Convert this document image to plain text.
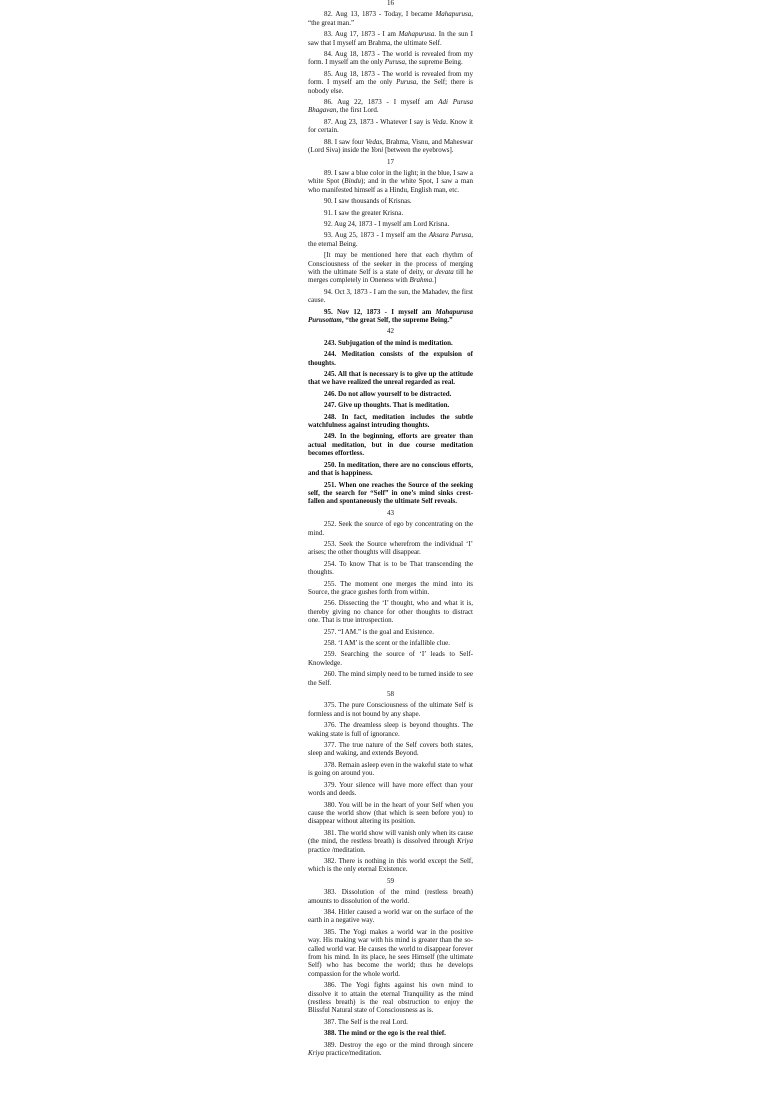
16

82. Aug 13, 1873 - Today, I became Mahapurusa, “the great man.”

83. Aug 17, 1873 - I am Mahapurusa. In the sun I saw that I myself am Brahma, the ultimate Self.

84. Aug 18, 1873 - The world is revealed from my form. I myself am the only Purusa, the supreme Being.

85. Aug 18, 1873 - The world is revealed from my form. I myself am the only Purusa, the Self; there is nobody else.

86. Aug 22, 1873 - I myself am Adi Purusa Bhagavan, the first Lord.

87. Aug 23, 1873 - Whatever I say is Veda. Know it for certain.

88. I saw four Vedas, Brahma, Visnu, and Maheswar (Lord Siva) inside the Yoni [between the eyebrows].

17

89. I saw a blue color in the light; in the blue, I saw a white Spot (Bindu); and in the white Spot, I saw a man who manifested himself as a Hindu, English man, etc.

90. I saw thousands of Krisnas.

91. I saw the greater Krisna.

92. Aug 24, 1873 - I myself am Lord Krisna.

93. Aug 25, 1873 - I myself am the Aksara Purusa, the eternal Being.

[It may be mentioned here that each rhythm of Consciousness of the seeker in the process of merging with the ultimate Self is a state of deity, or devata till he merges completely in Oneness with Brahma.]

94. Oct 3, 1873 - I am the sun, the Mahadev, the first cause.

95. Nov 12, 1873 - I myself am Mahapurusa Purusottam, “the great Self, the supreme Being.”

42

243. Subjugation of the mind is meditation.

244. Meditation consists of the expulsion of thoughts.

245. All that is necessary is to give up the attitude that we have realized the unreal regarded as real.

246. Do not allow yourself to be distracted.

247. Give up thoughts. That is meditation.

248. In fact, meditation includes the subtle watchfulness against intruding thoughts.

249. In the beginning, efforts are greater than actual meditation, but in due course meditation becomes effortless.

250. In meditation, there are no conscious efforts, and that is happiness.

251. When one reaches the Source of the seeking self, the search for “Self” in one’s mind sinks crest-fallen and spontaneously the ultimate Self reveals.

43

252. Seek the source of ego by concentrating on the mind.

253. Seek the Source wherefrom the individual ‘I’ arises; the other thoughts will disappear.

254. To know That is to be That transcending the thoughts.

255. The moment one merges the mind into its Source, the grace gushes forth from within.

256. Dissecting the ‘I’ thought, who and what it is, thereby giving no chance for other thoughts to distract one. That is true introspection.

257. “I AM.” is the goal and Existence.

258. ‘I AM’ is the scent or the infallible clue.

259. Searching the source of ‘I’ leads to Self-Knowledge.

260. The mind simply need to be turned inside to see the Self.

58

375. The pure Consciousness of the ultimate Self is formless and is not bound by any shape.

376. The dreamless sleep is beyond thoughts. The waking state is full of ignorance.

377. The true nature of the Self covers both states, sleep and waking, and extends Beyond.

378. Remain asleep even in the wakeful state to what is going on around you.

379. Your silence will have more effect than your words and deeds.

380. You will be in the heart of your Self when you cause the world show (that which is seen before you) to disappear without altering its position.

381. The world show will vanish only when its cause (the mind, the restless breath) is dissolved through Kriya practice /meditation.

382. There is nothing in this world except the Self, which is the only eternal Existence.

59

383. Dissolution of the mind (restless breath) amounts to dissolution of the world.

384. Hitler caused a world war on the surface of the earth in a negative way.

385. The Yogi makes a world war in the positive way. His making war with his mind is greater than the so-called world war. He causes the world to disappear forever from his mind. In its place, he sees Himself (the ultimate Self) who has become the world; thus he develops compassion for the whole world.

386. The Yogi fights against his own mind to dissolve it to attain the eternal Tranquility as the mind (restless breath) is the real obstruction to enjoy the Blissful Natural state of Consciousness as is.

387. The Self is the real Lord.

388. The mind or the ego is the real thief.

389. Destroy the ego or the mind through sincere Kriya practice/meditation.
